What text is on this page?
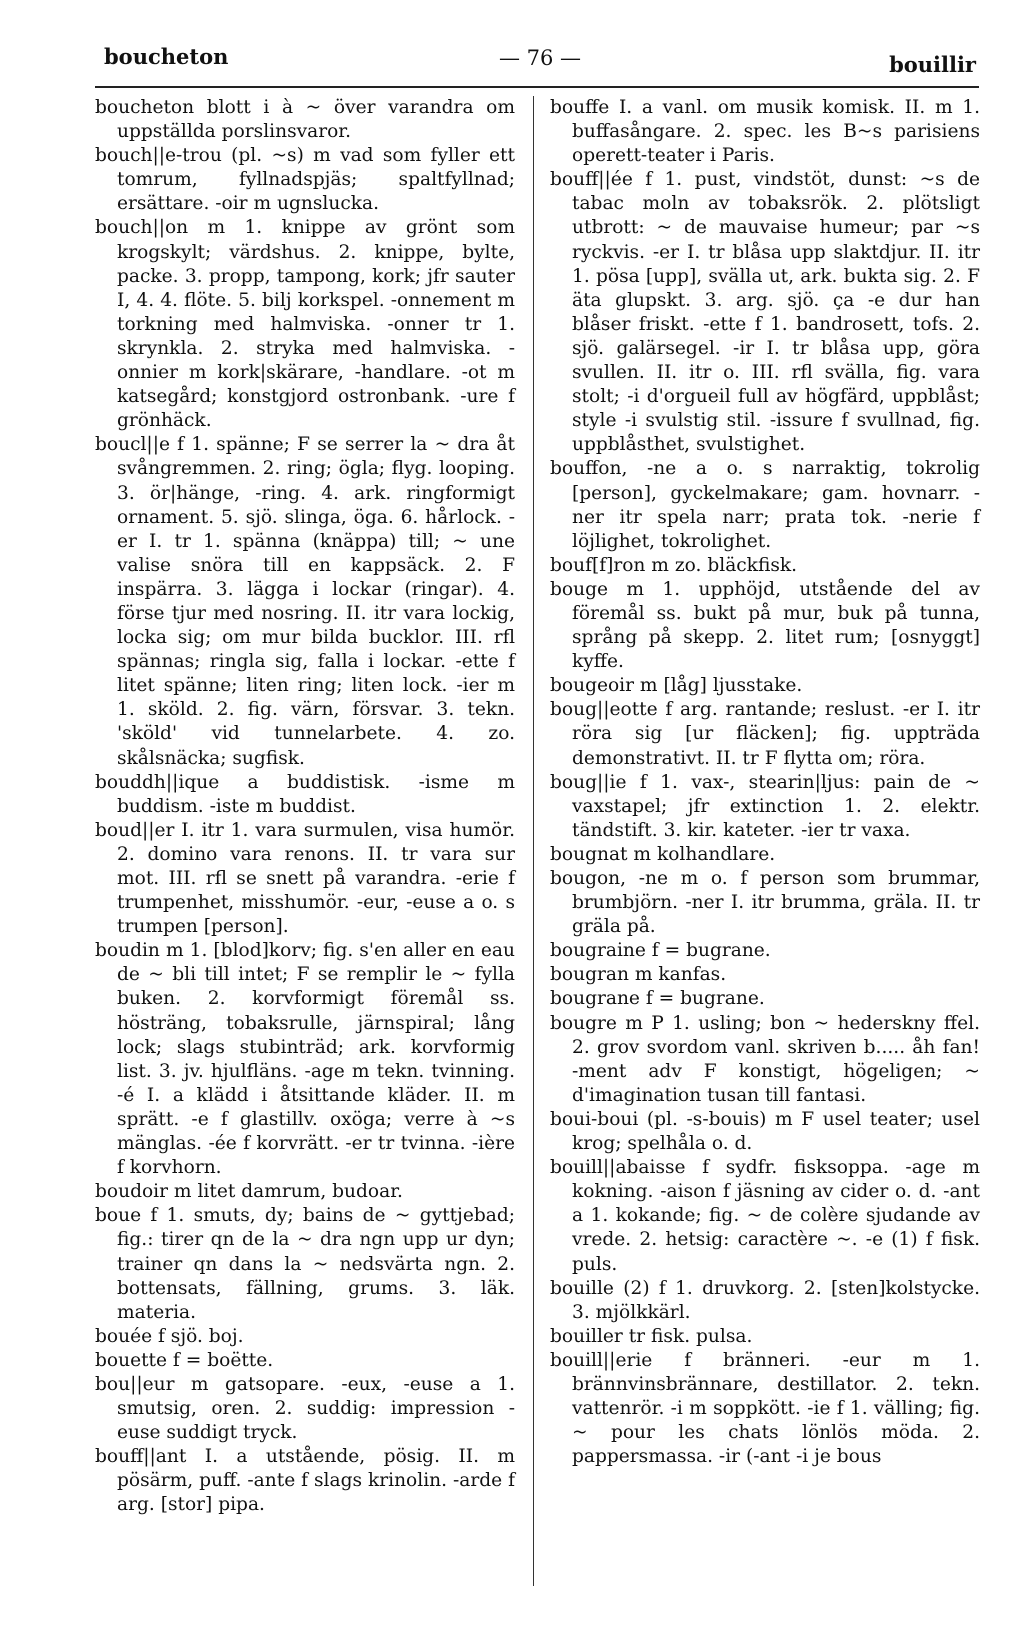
boucheton	— 76 —	bouillir

boucheton blott i à ~ över varandra om uppställda porslinsvaror.

bouch||e-trou (pl. ~s) m vad som fyller ett tomrum, fyllnadspjäs; spaltfyllnad; ersättare. -oir m ugnslucka.

bouch||on m 1. knippe av grönt som krogskylt; värdshus. 2. knippe, bylte, packe. 3. propp, tampong, kork; jfr sauter I, 4. 4. flöte. 5. bilj korkspel. -onnement m torkning med halmviska. -onner tr 1. skrynkla. 2. stryka med halmviska. -onnier m kork|skärare, -handlare. -ot m katsegård; konstgjord ostronbank. -ure f grönhäck.

boucl||e f 1. spänne; F se serrer la ~ dra åt svångremmen. 2. ring; ögla; flyg. looping. 3. ör|hänge, -ring. 4. ark. ringformigt ornament. 5. sjö. slinga, öga. 6. hårlock. -er I. tr 1. spänna (knäppa) till; ~ une valise snöra till en kappsäck. 2. F inspärra. 3. lägga i lockar (ringar). 4. förse tjur med nosring. II. itr vara lockig, locka sig; om mur bilda bucklor. III. rfl spännas; ringla sig, falla i lockar. -ette f litet spänne; liten ring; liten lock. -ier m 1. sköld. 2. fig. värn, försvar. 3. tekn. 'sköld' vid tunnelarbete. 4. zo. skålsnäcka; sugfisk.

bouddh||ique a buddistisk. -isme m buddism. -iste m buddist.

boud||er I. itr 1. vara surmulen, visa humör. 2. domino vara renons. II. tr vara sur mot. III. rfl se snett på varandra. -erie f trumpenhet, misshumör. -eur, -euse a o. s trumpen [person].

boudin m 1. [blod]korv; fig. s'en aller en eau de ~ bli till intet; F se remplir le ~ fylla buken. 2. korvformigt föremål ss. hösträng, tobaksrulle, järnspiral; lång lock; slags stubinträd; ark. korvformig list. 3. jv. hjulfläns. -age m tekn. tvinning. -é I. a klädd i åtsittande kläder. II. m sprätt. -e f glastillv. oxöga; verre à ~s mänglas. -ée f korvrätt. -er tr tvinna. -ière f korvhorn.

boudoir m litet damrum, budoar.

boue f 1. smuts, dy; bains de ~ gyttjebad; fig.: tirer qn de la ~ dra ngn upp ur dyn; trainer qn dans la ~ nedsvärta ngn. 2. bottensats, fällning, grums. 3. läk. materia.

bouée f sjö. boj.

bouette f = boëtte.

bou||eur m gatsopare. -eux, -euse a 1. smutsig, oren. 2. suddig: impression -euse suddigt tryck.

bouff||ant I. a utstående, pösig. II. m pösärm, puff. -ante f slags krinolin. -arde f arg. [stor] pipa.

bouffe I. a vanl. om musik komisk. II. m 1. buffasångare. 2. spec. les B~s parisiens operett-teater i Paris.

bouff||ée f 1. pust, vindstöt, dunst: ~s de tabac moln av tobaksrök. 2. plötsligt utbrott: ~ de mauvaise humeur; par ~s ryckvis. -er I. tr blåsa upp slaktdjur. II. itr 1. pösa [upp], svälla ut, ark. bukta sig. 2. F äta glupskt. 3. arg. sjö. ça -e dur han blåser friskt. -ette f 1. bandrosett, tofs. 2. sjö. galärsegel. -ir I. tr blåsa upp, göra svullen. II. itr o. III. rfl svälla, fig. vara stolt; -i d'orgueil full av högfärd, uppblåst; style -i svulstig stil. -issure f svullnad, fig. uppblåsthet, svulstighet.

bouffon, -ne a o. s narraktig, tokrolig [person], gyckelmakare; gam. hovnarr. -ner itr spela narr; prata tok. -nerie f löjlighet, tokrolighet.

bouf[f]ron m zo. bläckfisk.

bouge m 1. upphöjd, utstående del av föremål ss. bukt på mur, buk på tunna, språng på skepp. 2. litet rum; [osnyggt] kyffe.

bougeoir m [låg] ljusstake.

boug||eotte f arg. rantande; reslust. -er I. itr röra sig [ur fläcken]; fig. uppträda demonstrativt. II. tr F flytta om; röra.

boug||ie f 1. vax-, stearin|ljus: pain de ~ vaxstapel; jfr extinction 1. 2. elektr. tändstift. 3. kir. kateter. -ier tr vaxa.

bougnat m kolhandlare.

bougon, -ne m o. f person som brummar, brumbjörn. -ner I. itr brumma, gräla. II. tr gräla på.

bougraine f = bugrane.

bougran m kanfas.

bougrane f = bugrane.

bougre m P 1. usling; bon ~ hederskny ffel. 2. grov svordom vanl. skriven b..... åh fan! -ment adv F konstigt, högeligen; ~ d'imagination tusan till fantasi.

boui-boui (pl. -s-bouis) m F usel teater; usel krog; spelhåla o. d.

bouill||abaisse f sydfr. fisksoppa. -age m kokning. -aison f jäsning av cider o. d. -ant a 1. kokande; fig. ~ de colère sjudande av vrede. 2. hetsig: caractère ~. -e (1) f fisk. puls.

bouille (2) f 1. druvkorg. 2. [sten]kolstycke. 3. mjölkkärl.

bouiller tr fisk. pulsa.

bouill||erie f bränneri. -eur m 1. brännvinsbrännare, destillator. 2. tekn. vattenrör. -i m soppkött. -ie f 1. välling; fig. ~ pour les chats lönlös möda. 2. pappersmassa. -ir (-ant -i je bous
